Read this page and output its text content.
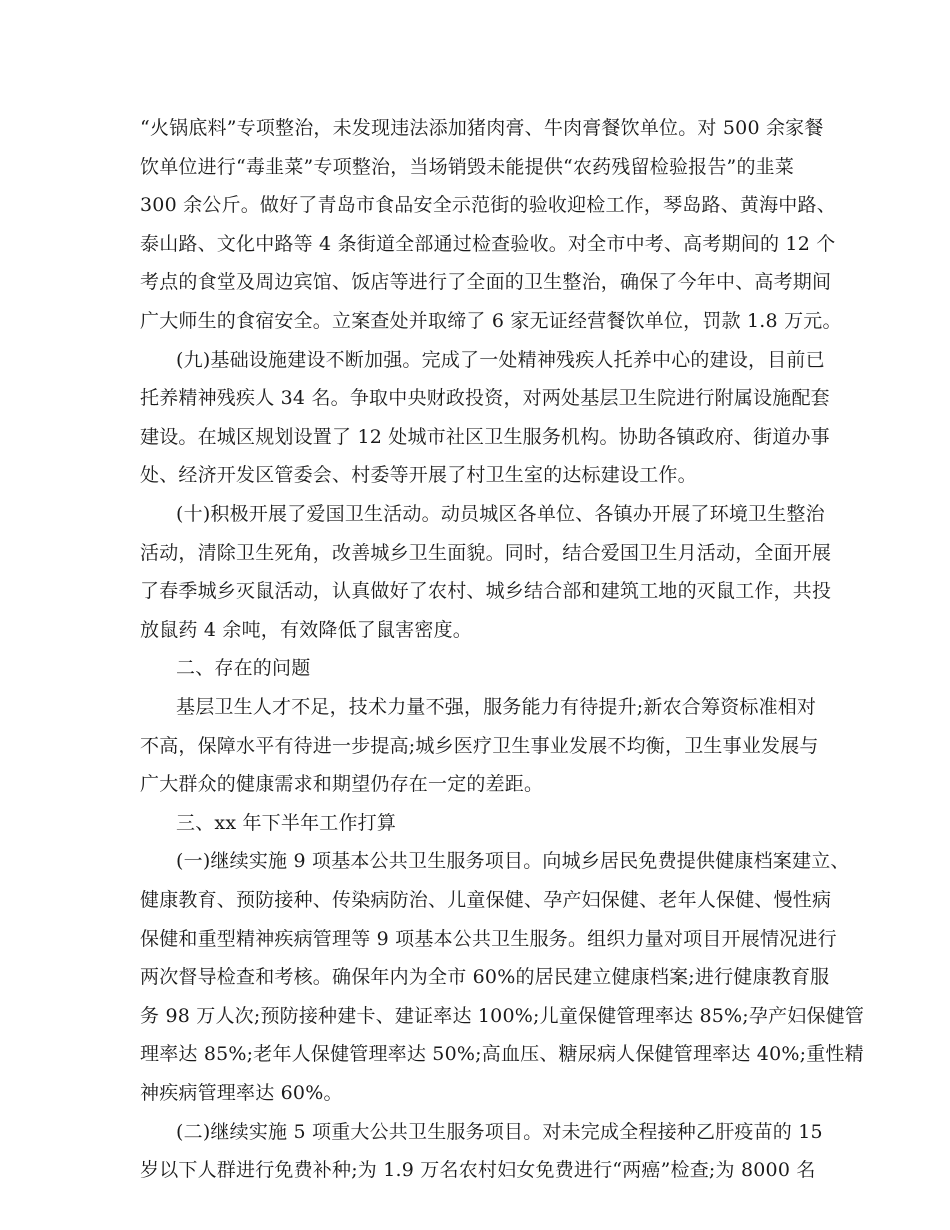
“火锅底料”专项整治，未发现违法添加猪肉膏、牛肉膏餐饮单位。对 500 余家餐
饮单位进行“毒韭菜”专项整治，当场销毁未能提供“农药残留检验报告”的韭菜
300 余公斤。做好了青岛市食品安全示范街的验收迎检工作，琴岛路、黄海中路、
泰山路、文化中路等 4 条街道全部通过检查验收。对全市中考、高考期间的 12 个
考点的食堂及周边宾馆、饭店等进行了全面的卫生整治，确保了今年中、高考期间
广大师生的食宿安全。立案查处并取缔了 6 家无证经营餐饮单位，罚款 1.8 万元。
(九)基础设施建设不断加强。完成了一处精神残疾人托养中心的建设，目前已
托养精神残疾人 34 名。争取中央财政投资，对两处基层卫生院进行附属设施配套
建设。在城区规划设置了 12 处城市社区卫生服务机构。协助各镇政府、街道办事
处、经济开发区管委会、村委等开展了村卫生室的达标建设工作。
(十)积极开展了爱国卫生活动。动员城区各单位、各镇办开展了环境卫生整治
活动，清除卫生死角，改善城乡卫生面貌。同时，结合爱国卫生月活动，全面开展
了春季城乡灭鼠活动，认真做好了农村、城乡结合部和建筑工地的灭鼠工作，共投
放鼠药 4 余吨，有效降低了鼠害密度。
二、存在的问题
基层卫生人才不足，技术力量不强，服务能力有待提升;新农合筹资标准相对
不高，保障水平有待进一步提高;城乡医疗卫生事业发展不均衡，卫生事业发展与
广大群众的健康需求和期望仍存在一定的差距。
三、xx 年下半年工作打算
(一)继续实施 9 项基本公共卫生服务项目。向城乡居民免费提供健康档案建立、
健康教育、预防接种、传染病防治、儿童保健、孕产妇保健、老年人保健、慢性病
保健和重型精神疾病管理等 9 项基本公共卫生服务。组织力量对项目开展情况进行
两次督导检查和考核。确保年内为全市 60%的居民建立健康档案;进行健康教育服
务 98 万人次;预防接种建卡、建证率达 100%;儿童保健管理率达 85%;孕产妇保健管
理率达 85%;老年人保健管理率达 50%;高血压、糖尿病人保健管理率达 40%;重性精
神疾病管理率达 60%。
(二)继续实施 5 项重大公共卫生服务项目。对未完成全程接种乙肝疫苗的 15
岁以下人群进行免费补种;为 1.9 万名农村妇女免费进行“两癌”检查;为 8000 名
